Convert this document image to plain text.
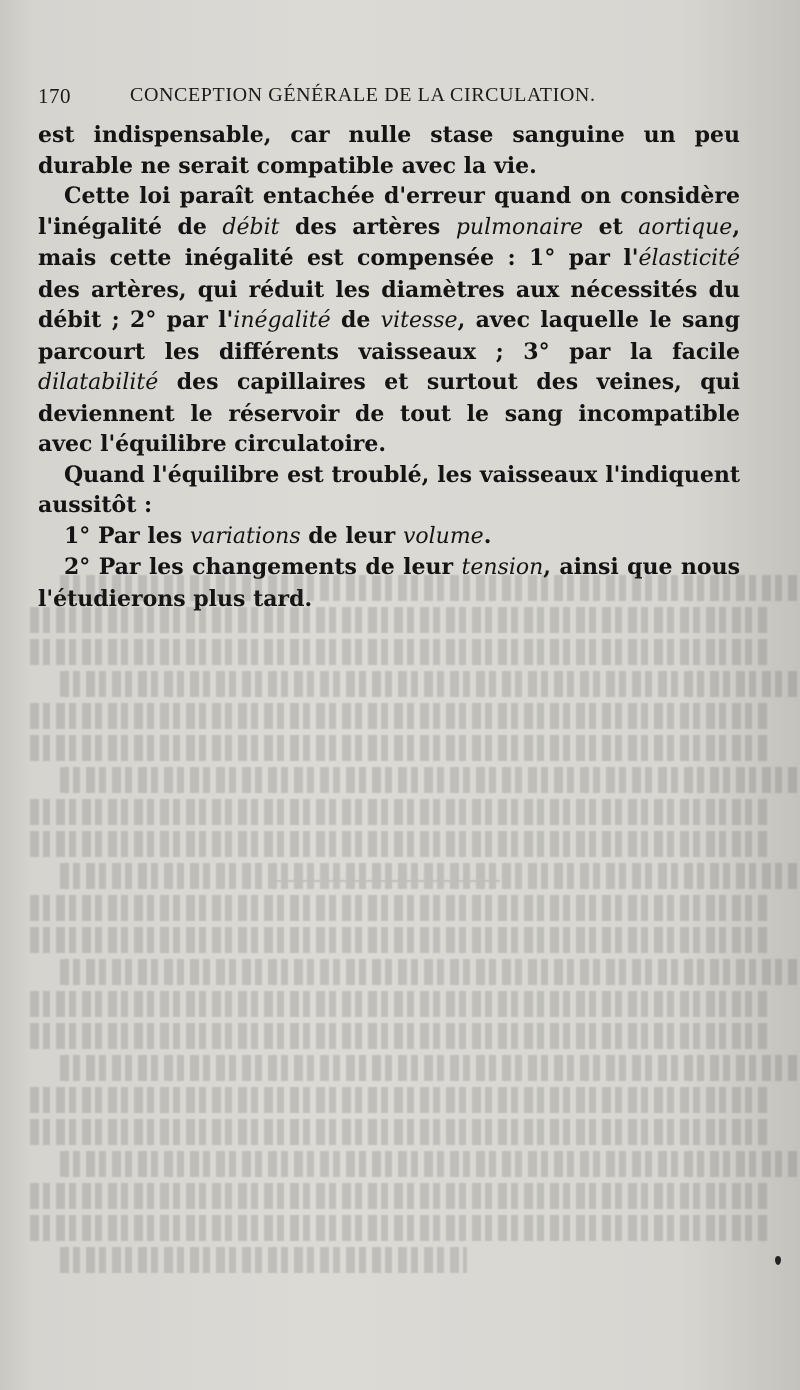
170	CONCEPTION GÉNÉRALE DE LA CIRCULATION.

est indispensable, car nulle stase sanguine un peu durable ne serait compatible avec la vie.

Cette loi paraît entachée d'erreur quand on considère l'inégalité de débit des artères pulmonaire et aortique, mais cette inégalité est compensée : 1° par l'élasticité des artères, qui réduit les diamètres aux nécessités du débit ; 2° par l'inégalité de vitesse, avec laquelle le sang parcourt les différents vaisseaux ; 3° par la facile dilatabilité des capillaires et surtout des veines, qui deviennent le réservoir de tout le sang incompatible avec l'équilibre circulatoire.

Quand l'équilibre est troublé, les vaisseaux l'indiquent aussitôt :

1° Par les variations de leur volume.

2° Par les changements de leur tension, ainsi que nous l'étudierons plus tard.
